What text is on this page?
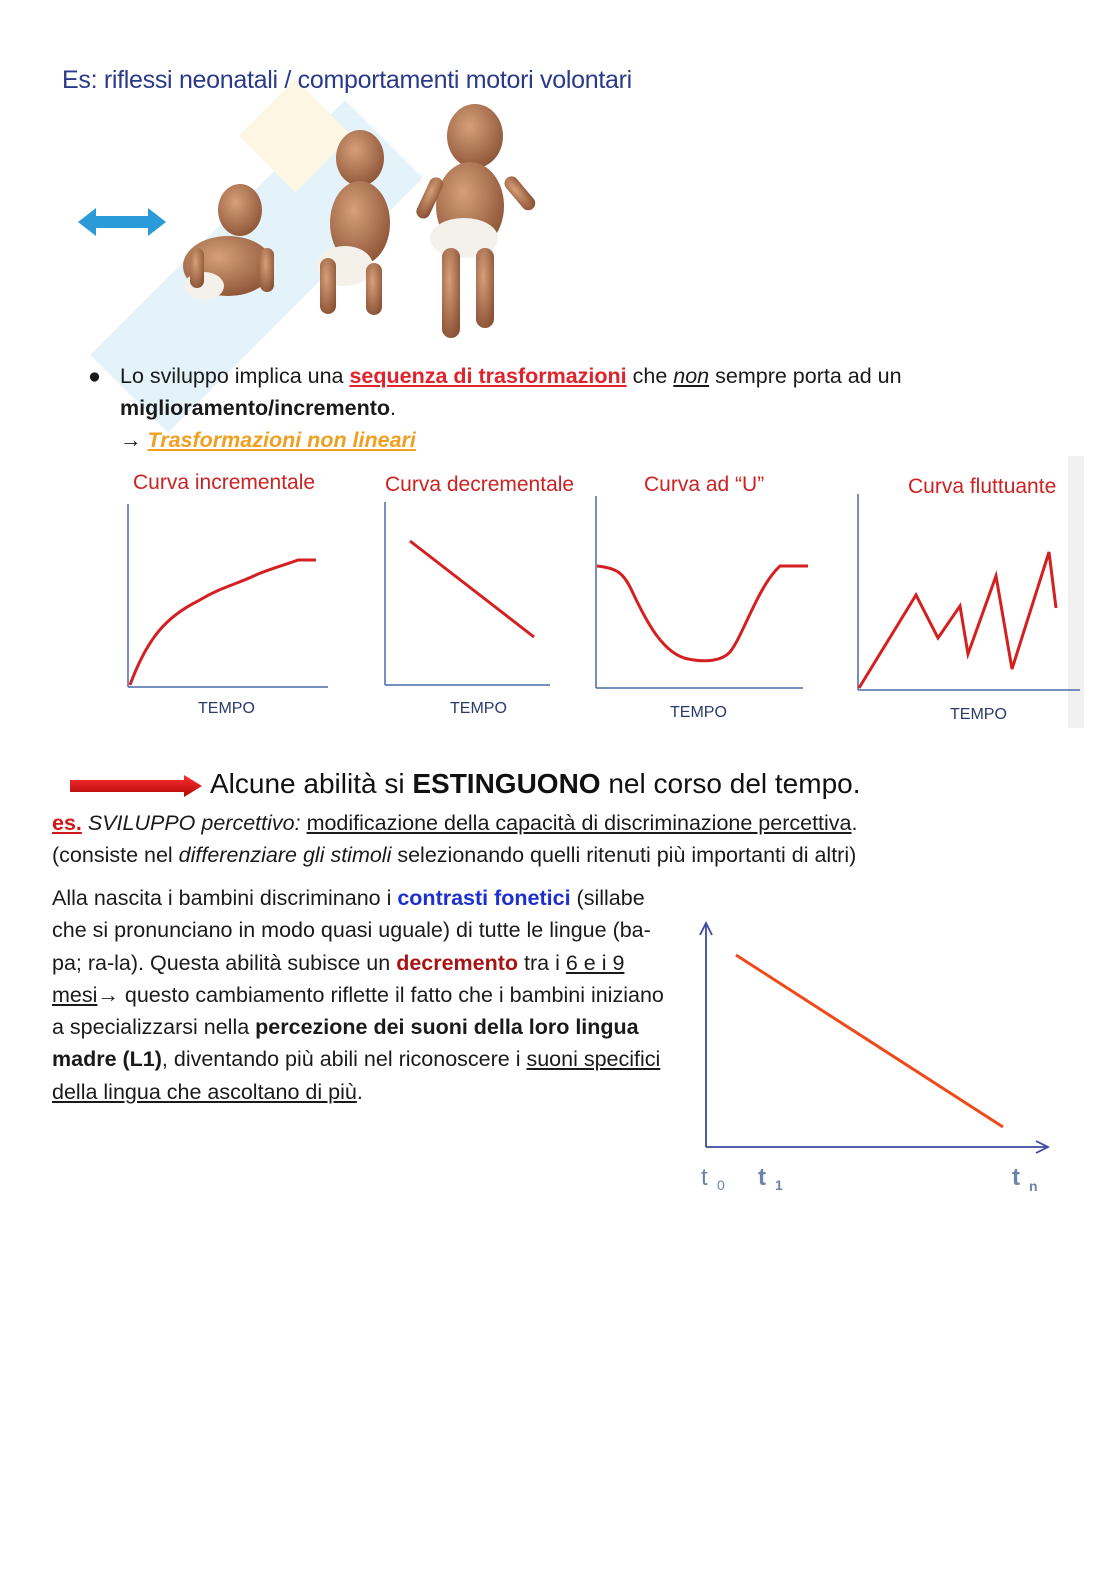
Es: riflessi neonatali / comportamenti motori volontari
● Lo sviluppo implica una sequenza di trasformazioni che non sempre porta ad un miglioramento/incremento.
→ Trasformazioni non lineari
Curva incrementale
TEMPO
Curva decrementale
TEMPO
Curva ad “U”
TEMPO
Curva fluttuante
TEMPO
Alcune abilità si ESTINGUONO nel corso del tempo.
es. SVILUPPO percettivo: modificazione della capacità di discriminazione percettiva.
(consiste nel differenziare gli stimoli selezionando quelli ritenuti più importanti di altri)
Alla nascita i bambini discriminano i contrasti fonetici (sillabe che si pronunciano in modo quasi uguale) di tutte le lingue (ba-pa; ra-la). Questa abilità subisce un decremento tra i 6 e i 9 mesi→ questo cambiamento riflette il fatto che i bambini iniziano a specializzarsi nella percezione dei suoni della loro lingua madre (L1), diventando più abili nel riconoscere i suoni specifici della lingua che ascoltano di più.
t 0 t 1	t n
